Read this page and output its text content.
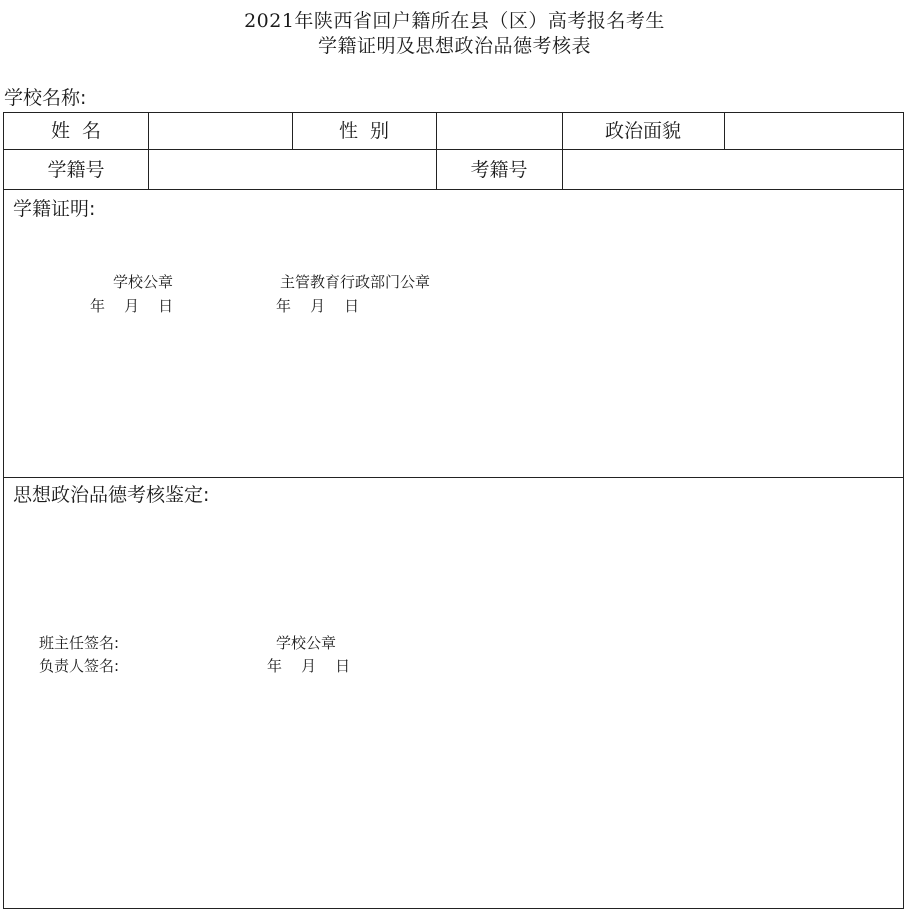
2021年陕西省回户籍所在县（区）高考报名考生
学籍证明及思想政治品德考核表
学校名称:
姓  名	性  别	政治面貌
学籍号	考籍号
学籍证明:
学校公章
年    月    日
主管教育行政部门公章
年    月    日
思想政治品德考核鉴定:
班主任签名:
负责人签名:
学校公章
年    月    日
